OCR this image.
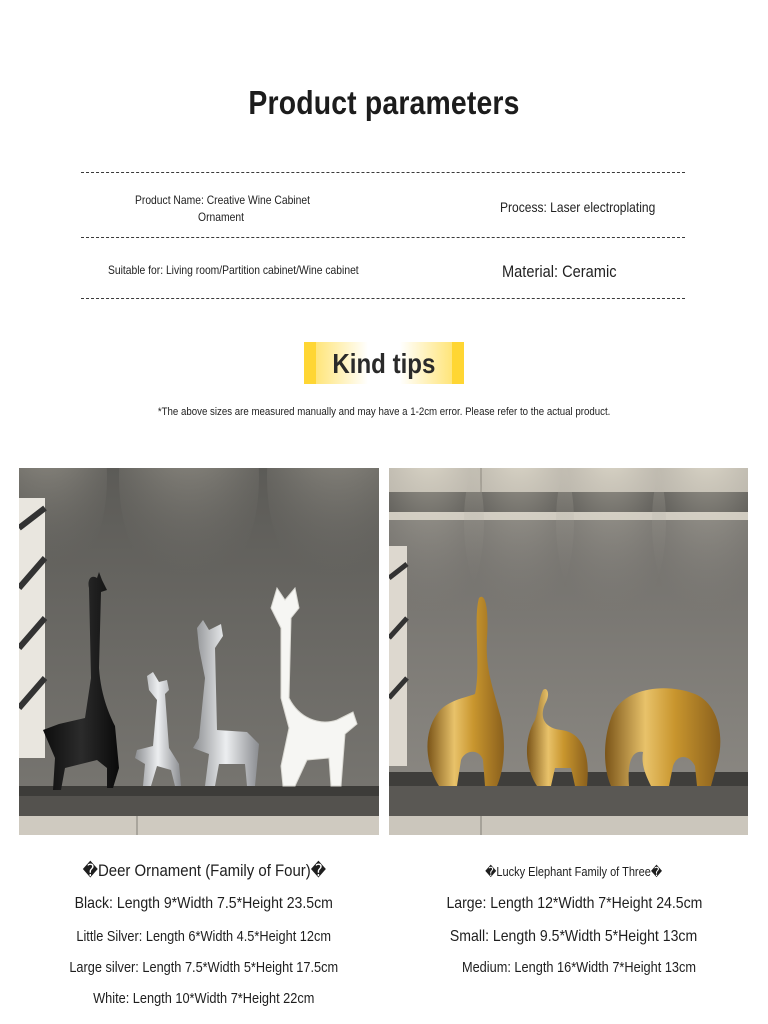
Product parameters
Product Name: Creative Wine Cabinet
Ornament
Process: Laser electroplating
Suitable for: Living room/Partition cabinet/Wine cabinet	Material: Ceramic
Kind tips
*The above sizes are measured manually and may have a 1-2cm error. Please refer to the actual product.
�Deer Ornament (Family of Four)�
Black: Length 9*Width 7.5*Height 23.5cm
Little Silver: Length 6*Width 4.5*Height 12cm
Large silver: Length 7.5*Width 5*Height 17.5cm
White: Length 10*Width 7*Height 22cm
�Lucky Elephant Family of Three�
Large: Length 12*Width 7*Height 24.5cm
Small: Length 9.5*Width 5*Height 13cm
Medium: Length 16*Width 7*Height 13cm
